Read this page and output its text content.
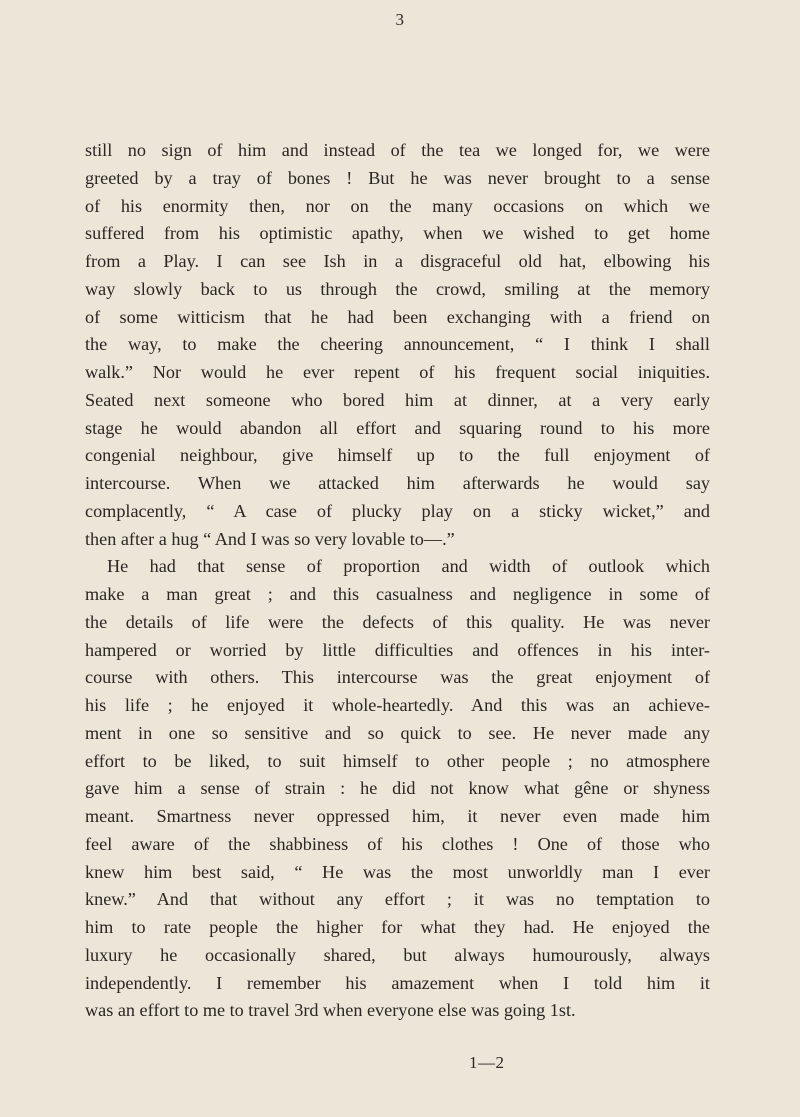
3
still no sign of him and instead of the tea we longed for, we were
greeted by a tray of bones ! But he was never brought to a sense
of his enormity then, nor on the many occasions on which we
suffered from his optimistic apathy, when we wished to get home
from a Play. I can see Ish in a disgraceful old hat, elbowing his
way slowly back to us through the crowd, smiling at the memory
of some witticism that he had been exchanging with a friend on
the way, to make the cheering announcement, “ I think I shall
walk.” Nor would he ever repent of his frequent social iniquities.
Seated next someone who bored him at dinner, at a very early
stage he would abandon all effort and squaring round to his more
congenial neighbour, give himself up to the full enjoyment of
intercourse. When we attacked him afterwards he would say
complacently, “ A case of plucky play on a sticky wicket,” and
then after a hug “ And I was so very lovable to—.”
He had that sense of proportion and width of outlook which
make a man great ; and this casualness and negligence in some of
the details of life were the defects of this quality. He was never
hampered or worried by little difficulties and offences in his inter-
course with others. This intercourse was the great enjoyment of
his life ; he enjoyed it whole-heartedly. And this was an achieve-
ment in one so sensitive and so quick to see. He never made any
effort to be liked, to suit himself to other people ; no atmosphere
gave him a sense of strain : he did not know what gêne or shyness
meant. Smartness never oppressed him, it never even made him
feel aware of the shabbiness of his clothes ! One of those who
knew him best said, “ He was the most unworldly man I ever
knew.” And that without any effort ; it was no temptation to
him to rate people the higher for what they had. He enjoyed the
luxury he occasionally shared, but always humourously, always
independently. I remember his amazement when I told him it
was an effort to me to travel 3rd when everyone else was going 1st.
1—2
